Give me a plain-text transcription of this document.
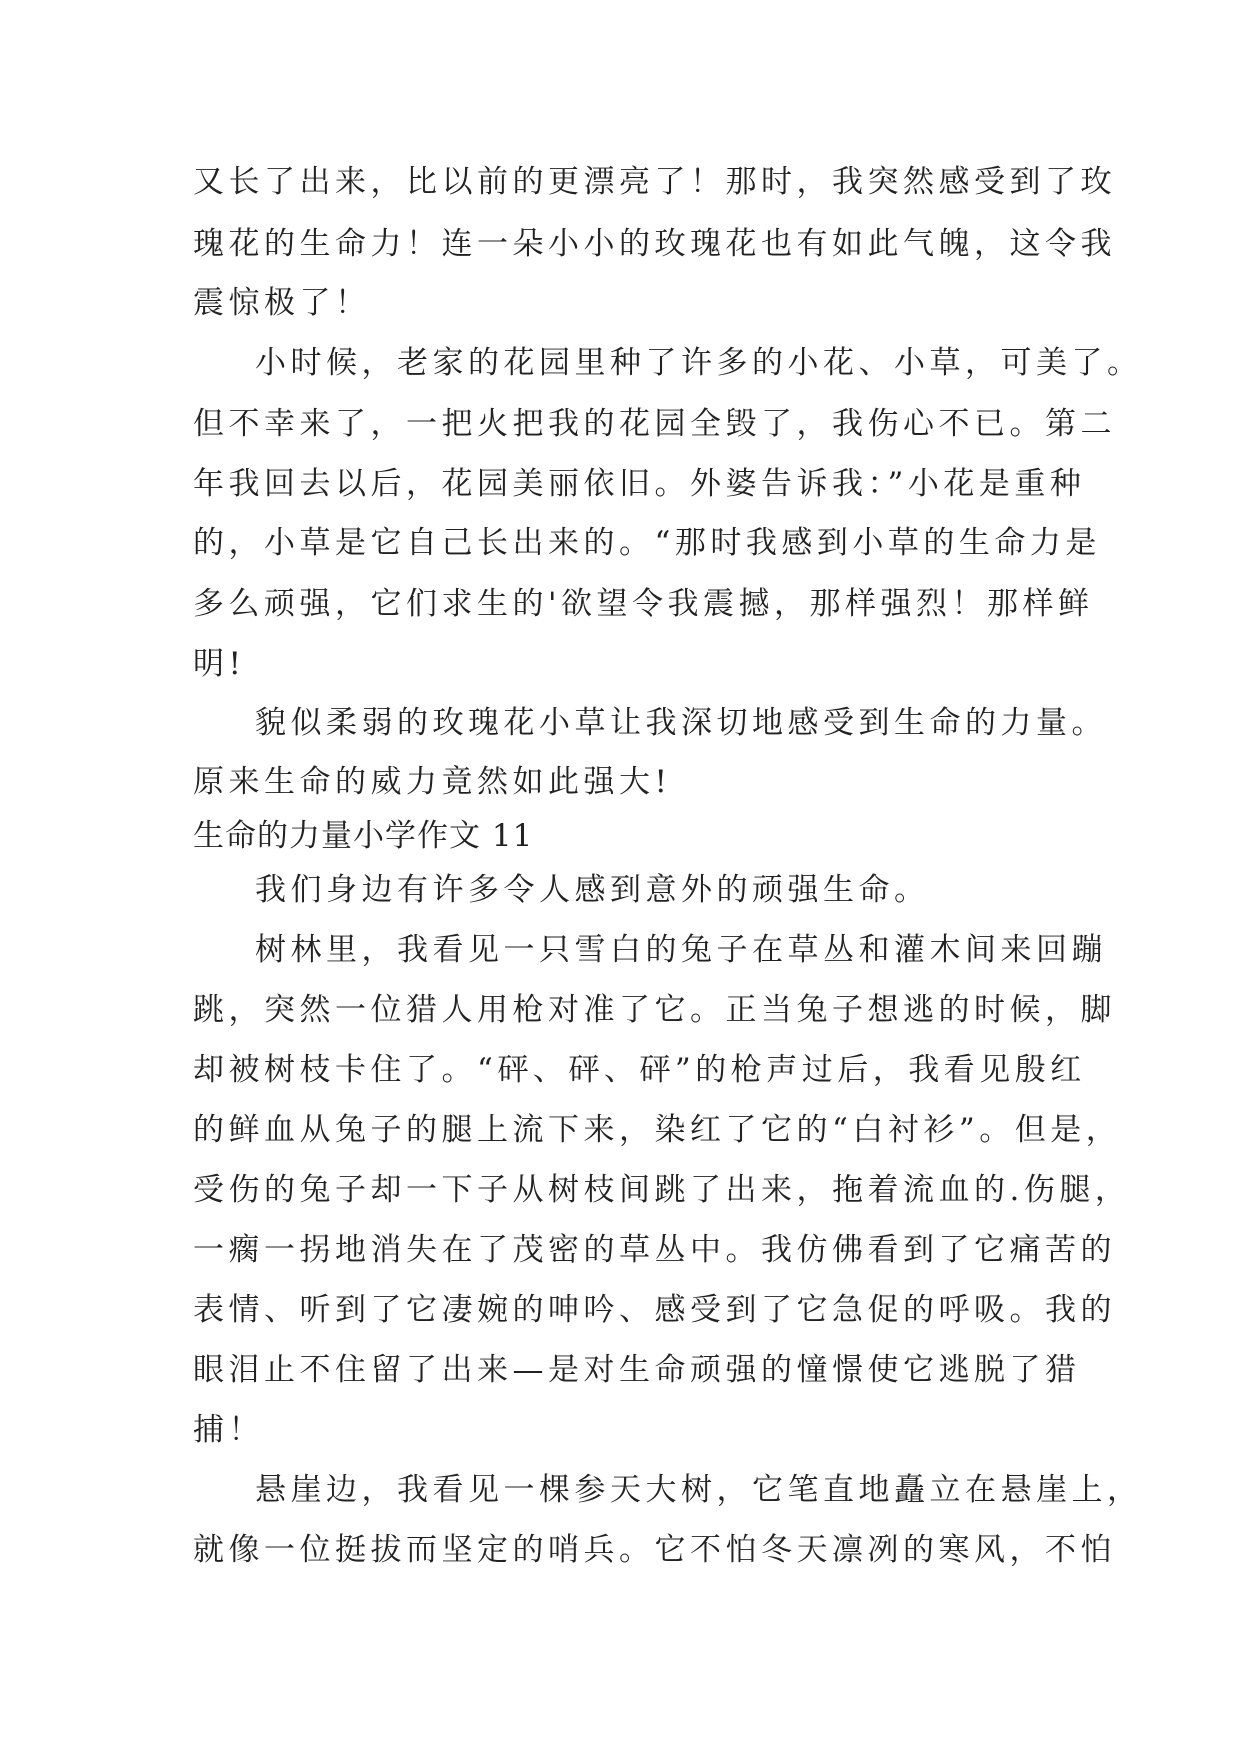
又长了出来，比以前的更漂亮了！那时，我突然感受到了玫

瑰花的生命力！连一朵小小的玫瑰花也有如此气魄，这令我

震惊极了！

小时候，老家的花园里种了许多的小花、小草，可美了。

但不幸来了，一把火把我的花园全毁了，我伤心不已。第二

年我回去以后，花园美丽依旧。外婆告诉我：”小花是重种

的，小草是它自己长出来的。“那时我感到小草的生命力是

多么顽强，它们求生的'欲望令我震撼，那样强烈！那样鲜

明!

貌似柔弱的玫瑰花小草让我深切地感受到生命的力量。

原来生命的威力竟然如此强大!

生命的力量小学作文 11

我们身边有许多令人感到意外的顽强生命。

树林里，我看见一只雪白的兔子在草丛和灌木间来回蹦

跳，突然一位猎人用枪对准了它。正当兔子想逃的时候，脚

却被树枝卡住了。“砰、砰、砰”的枪声过后，我看见殷红

的鲜血从兔子的腿上流下来，染红了它的“白衬衫”。但是，

受伤的兔子却一下子从树枝间跳了出来，拖着流血的.伤腿，

一瘸一拐地消失在了茂密的草丛中。我仿佛看到了它痛苦的

表情、听到了它凄婉的呻吟、感受到了它急促的呼吸。我的

眼泪止不住留了出来—是对生命顽强的憧憬使它逃脱了猎

捕！

悬崖边，我看见一棵参天大树，它笔直地矗立在悬崖上，

就像一位挺拔而坚定的哨兵。它不怕冬天凛冽的寒风，不怕
